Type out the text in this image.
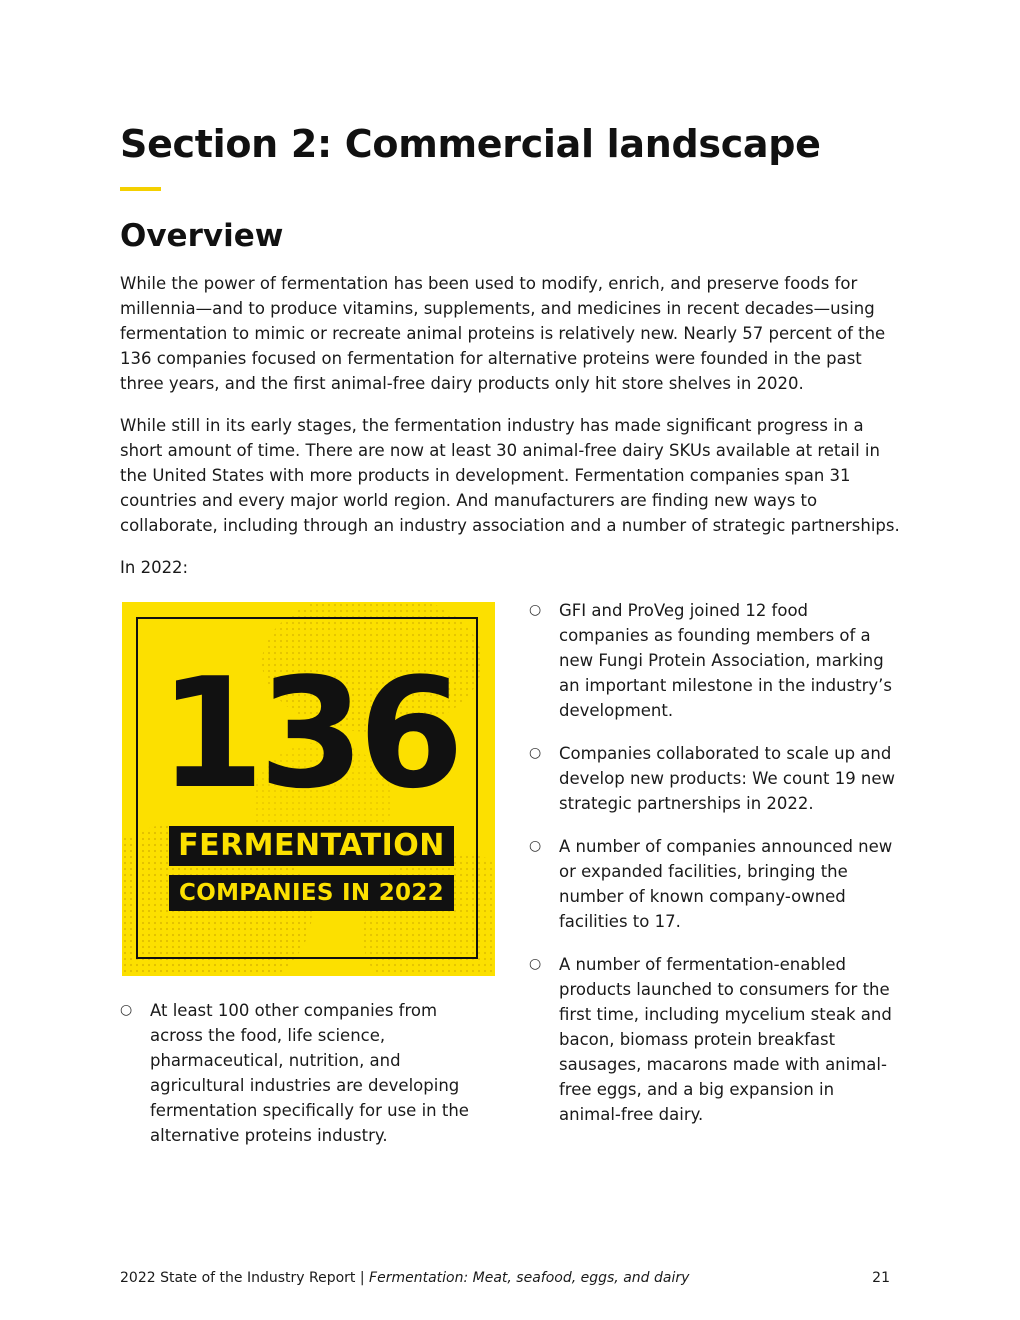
Section 2: Commercial landscape
Overview

While the power of fermentation has been used to modify, enrich, and preserve foods for millennia—and to produce vitamins, supplements, and medicines in recent decades—using fermentation to mimic or recreate animal proteins is relatively new. Nearly 57 percent of the 136 companies focused on fermentation for alternative proteins were founded in the past three years, and the first animal-free dairy products only hit store shelves in 2020.

While still in its early stages, the fermentation industry has made significant progress in a short amount of time. There are now at least 30 animal-free dairy SKUs available at retail in the United States with more products in development. Fermentation companies span 31 countries and every major world region. And manufacturers are finding new ways to collaborate, including through an industry association and a number of strategic partnerships.

In 2022:

136
FERMENTATION
COMPANIES IN 2022
○ GFI and ProVeg joined 12 food companies as founding members of a new Fungi Protein Association, marking an important milestone in the industry’s development.
○ Companies collaborated to scale up and develop new products: We count 19 new strategic partnerships in 2022.
○ A number of companies announced new or expanded facilities, bringing the number of known company-owned facilities to 17.
○ A number of fermentation-enabled products launched to consumers for the first time, including mycelium steak and bacon, biomass protein breakfast sausages, macarons made with animal-free eggs, and a big expansion in animal-free dairy.
○ At least 100 other companies from across the food, life science, pharmaceutical, nutrition, and agricultural industries are developing fermentation specifically for use in the alternative proteins industry.
2022 State of the Industry Report | Fermentation: Meat, seafood, eggs, and dairy	21
